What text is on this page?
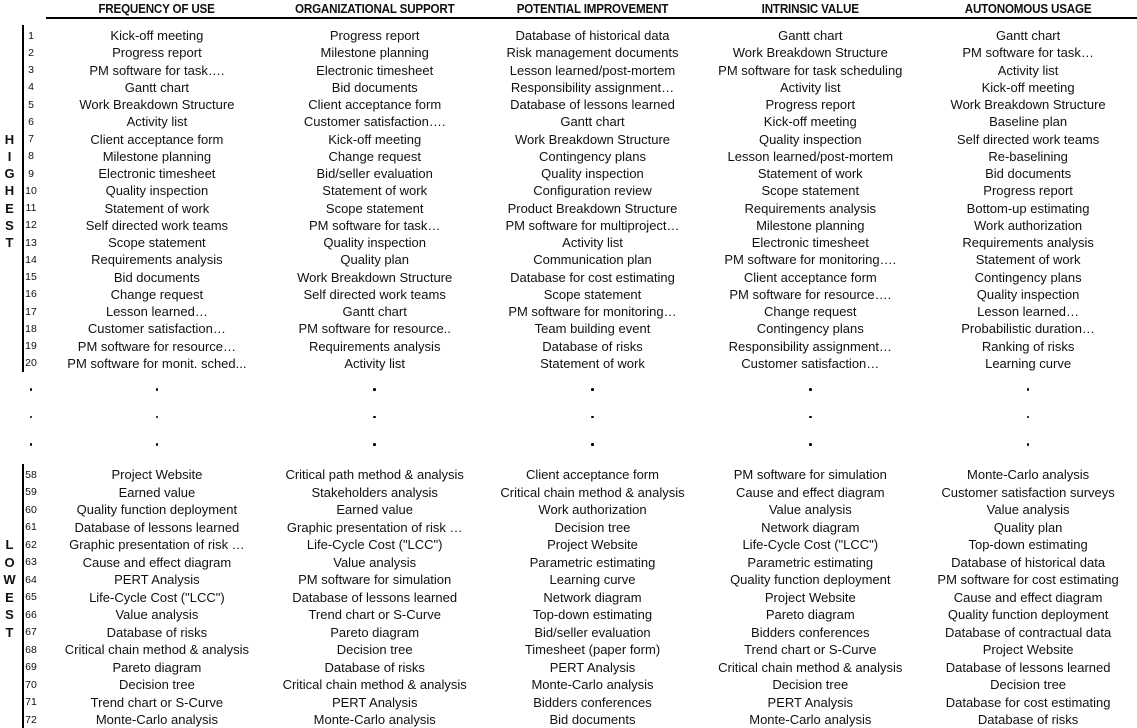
FREQUENCY OF USE	ORGANIZATIONAL SUPPORT	POTENTIAL IMPROVEMENT	INTRINSIC VALUE	AUTONOMOUS USAGE
1	Kick-off meeting	Progress report	Database of historical data	Gantt chart	Gantt chart
2	Progress report	Milestone planning	Risk management documents	Work Breakdown Structure	PM software for task…
3	PM software for task….	Electronic timesheet	Lesson learned/post-mortem	PM software for task scheduling	Activity list
4	Gantt chart	Bid documents	Responsibility assignment…	Activity list	Kick-off meeting
5	Work Breakdown Structure	Client acceptance form	Database of lessons learned	Progress report	Work Breakdown Structure
6	Activity list	Customer satisfaction….	Gantt chart	Kick-off meeting	Baseline plan
7	Client acceptance form	Kick-off meeting	Work Breakdown Structure	Quality inspection	Self directed work teams
8	Milestone planning	Change request	Contingency plans	Lesson learned/post-mortem	Re-baselining
9	Electronic timesheet	Bid/seller evaluation	Quality inspection	Statement of work	Bid documents
10	Quality inspection	Statement of work	Configuration review	Scope statement	Progress report
11	Statement of work	Scope statement	Product Breakdown Structure	Requirements analysis	Bottom-up estimating
12	Self directed work teams	PM software for task…	PM software for multiproject…	Milestone planning	Work authorization
13	Scope statement	Quality inspection	Activity list	Electronic timesheet	Requirements analysis
14	Requirements analysis	Quality plan	Communication plan	PM software for monitoring….	Statement of work
15	Bid documents	Work Breakdown Structure	Database for cost estimating	Client acceptance form	Contingency plans
16	Change request	Self directed work teams	Scope statement	PM software for resource….	Quality inspection
17	Lesson learned…	Gantt chart	PM software for monitoring…	Change request	Lesson learned…
18	Customer satisfaction…	PM software for resource..	Team building event	Contingency plans	Probabilistic duration…
19	PM software for resource…	Requirements analysis	Database of risks	Responsibility assignment…	Ranking of risks
20	PM software for monit. sched...	Activity list	Statement of work	Customer satisfaction…	Learning curve
H
I
G
H
E
S
T
58	Project Website	Critical path method & analysis	Client acceptance form	PM software for simulation	Monte-Carlo analysis
59	Earned value	Stakeholders analysis	Critical chain method & analysis	Cause and effect diagram	Customer satisfaction surveys
60	Quality function deployment	Earned value	Work authorization	Value analysis	Value analysis
61	Database of lessons learned	Graphic presentation of risk …	Decision tree	Network diagram	Quality plan
62	Graphic presentation of risk …	Life-Cycle Cost ("LCC")	Project Website	Life-Cycle Cost ("LCC")	Top-down estimating
63	Cause and effect diagram	Value analysis	Parametric estimating	Parametric estimating	Database of historical data
64	PERT Analysis	PM software for simulation	Learning curve	Quality function deployment	PM software for cost estimating
65	Life-Cycle Cost ("LCC")	Database of lessons learned	Network diagram	Project Website	Cause and effect diagram
66	Value analysis	Trend chart or S-Curve	Top-down estimating	Pareto diagram	Quality function deployment
67	Database of risks	Pareto diagram	Bid/seller evaluation	Bidders conferences	Database of contractual data
68	Critical chain method & analysis	Decision tree	Timesheet (paper form)	Trend chart or S-Curve	Project Website
69	Pareto diagram	Database of risks	PERT Analysis	Critical chain method & analysis	Database of lessons learned
70	Decision tree	Critical chain method & analysis	Monte-Carlo analysis	Decision tree	Decision tree
71	Trend chart or S-Curve	PERT Analysis	Bidders conferences	PERT Analysis	Database for cost estimating
72	Monte-Carlo analysis	Monte-Carlo analysis	Bid documents	Monte-Carlo analysis	Database of risks
L
O
W
E
S
T
